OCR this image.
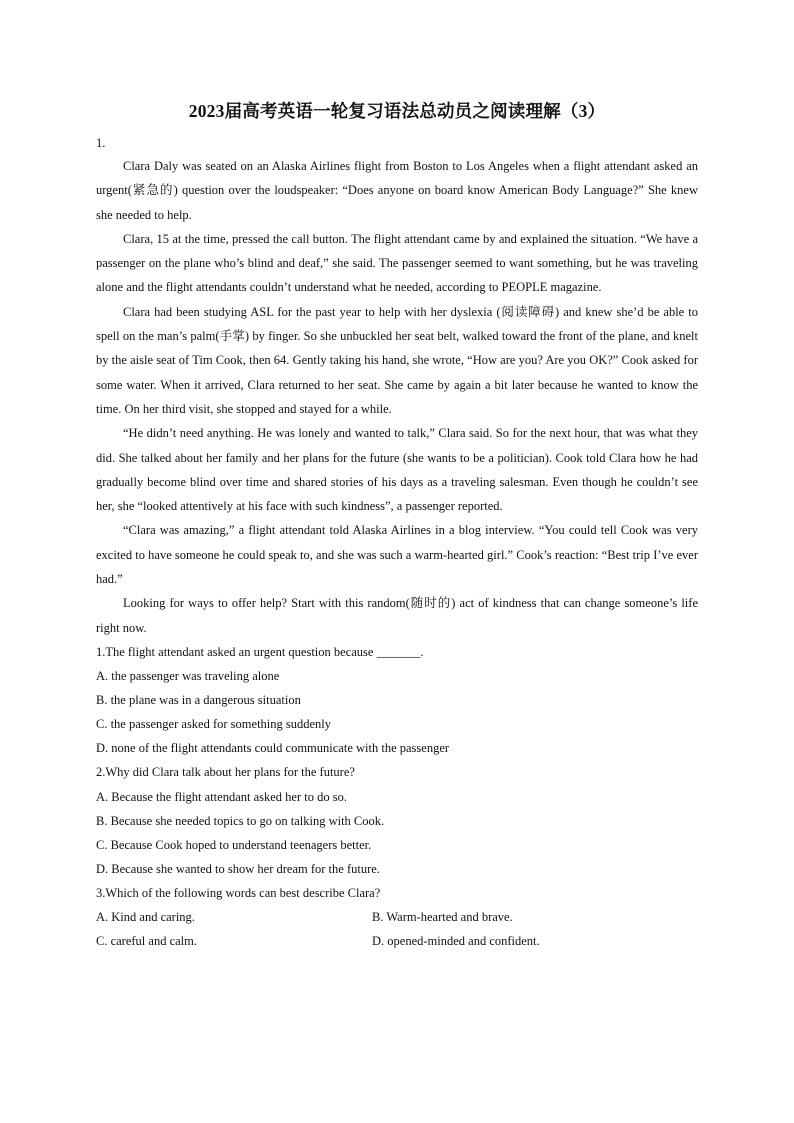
2023届高考英语一轮复习语法总动员之阅读理解（3）

1.

Clara Daly was seated on an Alaska Airlines flight from Boston to Los Angeles when a flight attendant asked an urgent(紧急的) question over the loudspeaker: “Does anyone on board know American Body Language?” She knew she needed to help.

Clara, 15 at the time, pressed the call button. The flight attendant came by and explained the situation. “We have a passenger on the plane who’s blind and deaf,” she said. The passenger seemed to want something, but he was traveling alone and the flight attendants couldn’t understand what he needed, according to PEOPLE magazine.

Clara had been studying ASL for the past year to help with her dyslexia (阅读障碍) and knew she’d be able to spell on the man’s palm(手掌) by finger. So she unbuckled her seat belt, walked toward the front of the plane, and knelt by the aisle seat of Tim Cook, then 64. Gently taking his hand, she wrote, “How are you? Are you OK?” Cook asked for some water. When it arrived, Clara returned to her seat. She came by again a bit later because he wanted to know the time. On her third visit, she stopped and stayed for a while.

“He didn’t need anything. He was lonely and wanted to talk,” Clara said. So for the next hour, that was what they did. She talked about her family and her plans for the future (she wants to be a politician). Cook told Clara how he had gradually become blind over time and shared stories of his days as a traveling salesman. Even though he couldn’t see her, she “looked attentively at his face with such kindness”, a passenger reported.

“Clara was amazing,” a flight attendant told Alaska Airlines in a blog interview. “You could tell Cook was very excited to have someone he could speak to, and she was such a warm-hearted girl.” Cook’s reaction: “Best trip I’ve ever had.”

Looking for ways to offer help? Start with this random(随时的) act of kindness that can change someone’s life right now.

1.The flight attendant asked an urgent question because _______.

A. the passenger was traveling alone

B. the plane was in a dangerous situation

C. the passenger asked for something suddenly

D. none of the flight attendants could communicate with the passenger

2.Why did Clara talk about her plans for the future?

A. Because the flight attendant asked her to do so.

B. Because she needed topics to go on talking with Cook.

C. Because Cook hoped to understand teenagers better.

D. Because she wanted to show her dream for the future.

3.Which of the following words can best describe Clara?

A. Kind and caring.	B. Warm-hearted and brave.
C. careful and calm.	D. opened-minded and confident.
